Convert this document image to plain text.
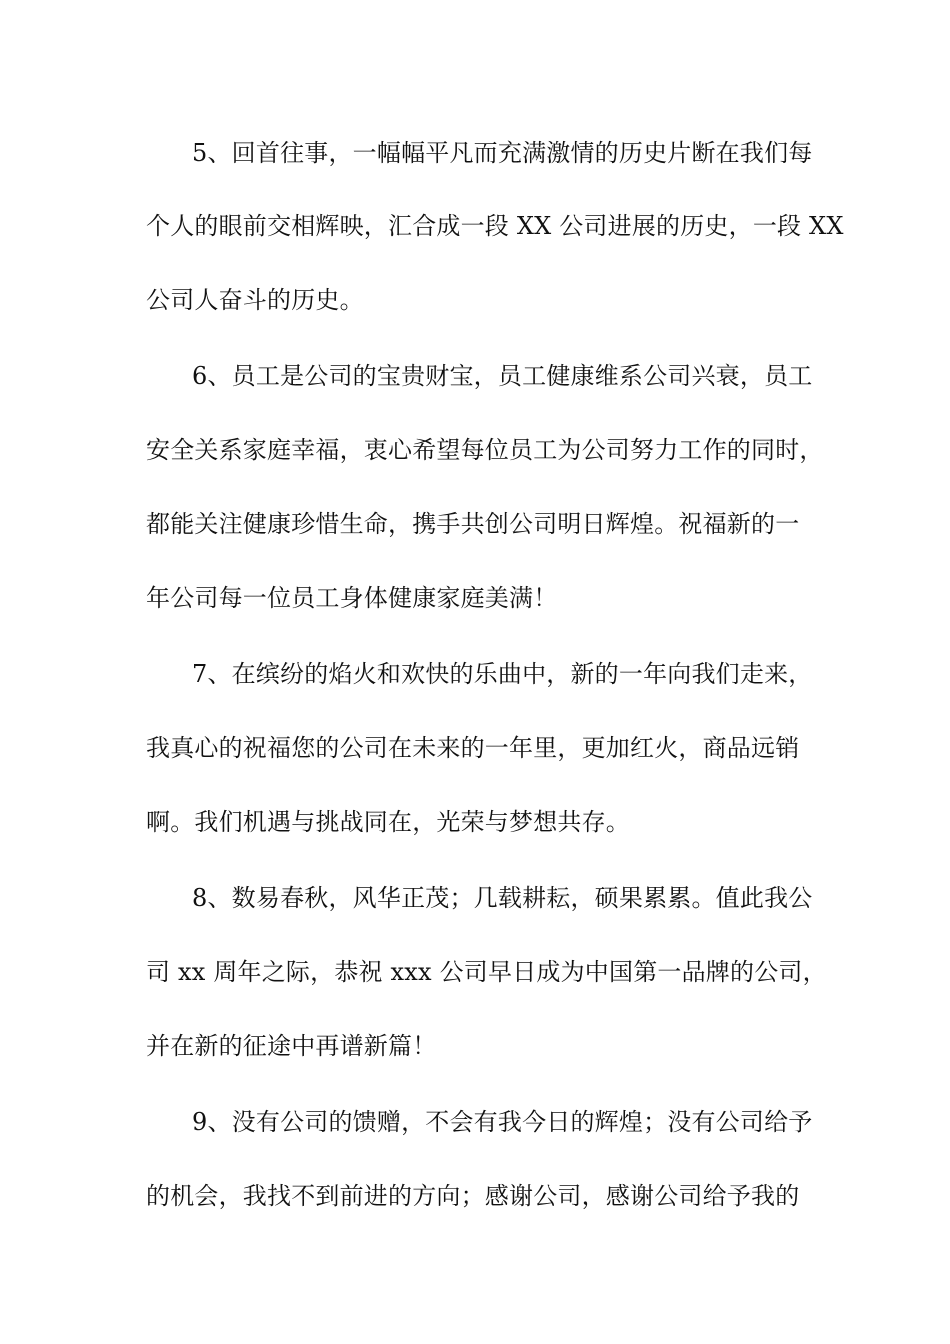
5、回首往事，一幅幅平凡而充满激情的历史片断在我们每
个人的眼前交相辉映，汇合成一段 XX 公司进展的历史，一段 XX
公司人奋斗的历史。
6、员工是公司的宝贵财宝，员工健康维系公司兴衰，员工
安全关系家庭幸福，衷心希望每位员工为公司努力工作的同时，
都能关注健康珍惜生命，携手共创公司明日辉煌。祝福新的一
年公司每一位员工身体健康家庭美满！
7、在缤纷的焰火和欢快的乐曲中，新的一年向我们走来，
我真心的祝福您的公司在未来的一年里，更加红火，商品远销
啊。我们机遇与挑战同在，光荣与梦想共存。
8、数易春秋，风华正茂；几载耕耘，硕果累累。值此我公
司 xx 周年之际，恭祝 xxx 公司早日成为中国第一品牌的公司，
并在新的征途中再谱新篇！
9、没有公司的馈赠，不会有我今日的辉煌；没有公司给予
的机会，我找不到前进的方向；感谢公司，感谢公司给予我的
